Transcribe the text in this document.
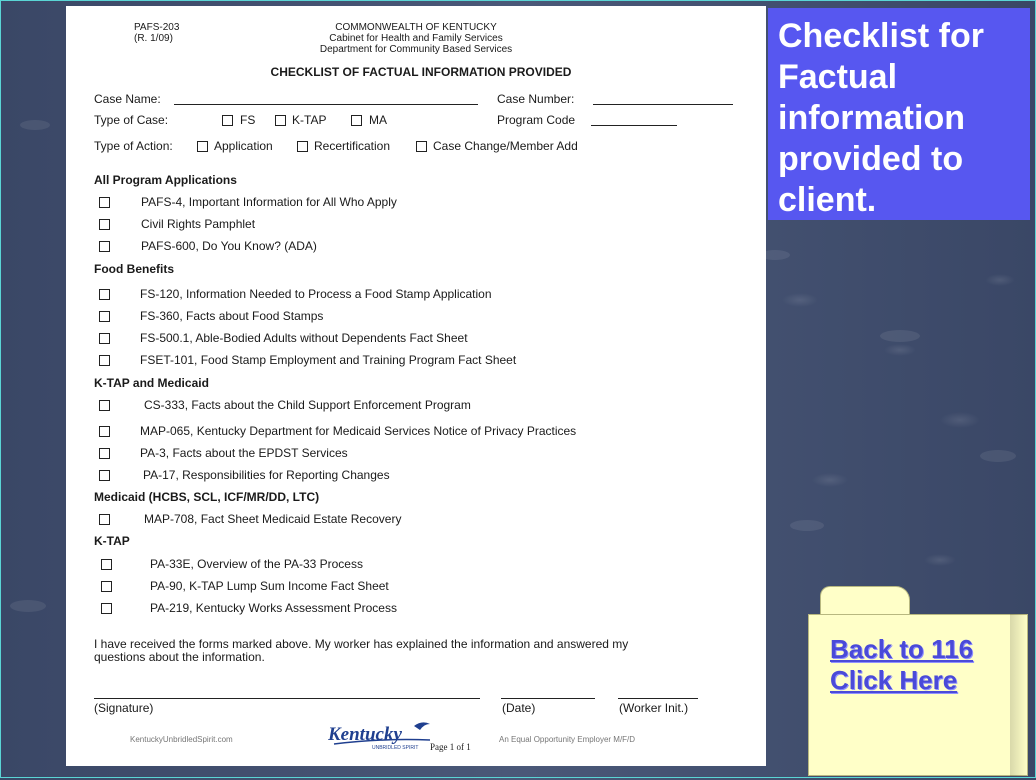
PAFS-203
(R. 1/09)
COMMONWEALTH OF KENTUCKY
Cabinet for Health and Family Services
Department for Community Based Services
CHECKLIST OF FACTUAL INFORMATION PROVIDED
Case Name:	Case Number:
Type of Case:	FS	K-TAP	MA	Program Code
Type of Action:	Application	Recertification	Case Change/Member Add
All Program Applications
PAFS-4, Important Information for All Who Apply
Civil Rights Pamphlet
PAFS-600, Do You Know? (ADA)
Food Benefits
FS-120, Information Needed to Process a Food Stamp Application
FS-360, Facts about Food Stamps
FS-500.1, Able-Bodied Adults without Dependents Fact Sheet
FSET-101, Food Stamp Employment and Training Program Fact Sheet
K-TAP and Medicaid
CS-333, Facts about the Child Support Enforcement Program
MAP-065, Kentucky Department for Medicaid Services Notice of Privacy Practices
PA-3, Facts about the EPDST Services
PA-17, Responsibilities for Reporting Changes
Medicaid (HCBS, SCL, ICF/MR/DD, LTC)
MAP-708, Fact Sheet Medicaid Estate Recovery
K-TAP
PA-33E, Overview of the PA-33 Process
PA-90, K-TAP Lump Sum Income Fact Sheet
PA-219, Kentucky Works Assessment Process
I have received the forms marked above. My worker has explained the information and answered my
questions about the information.
(Signature)	(Date)	(Worker Init.)
KentuckyUnbridledSpirit.com	Kentucky
UNBRIDLED SPIRIT Page 1 of 1
An Equal Opportunity Employer M/F/D
Checklist for Factual information provided to client.
Back to 116
Click Here
